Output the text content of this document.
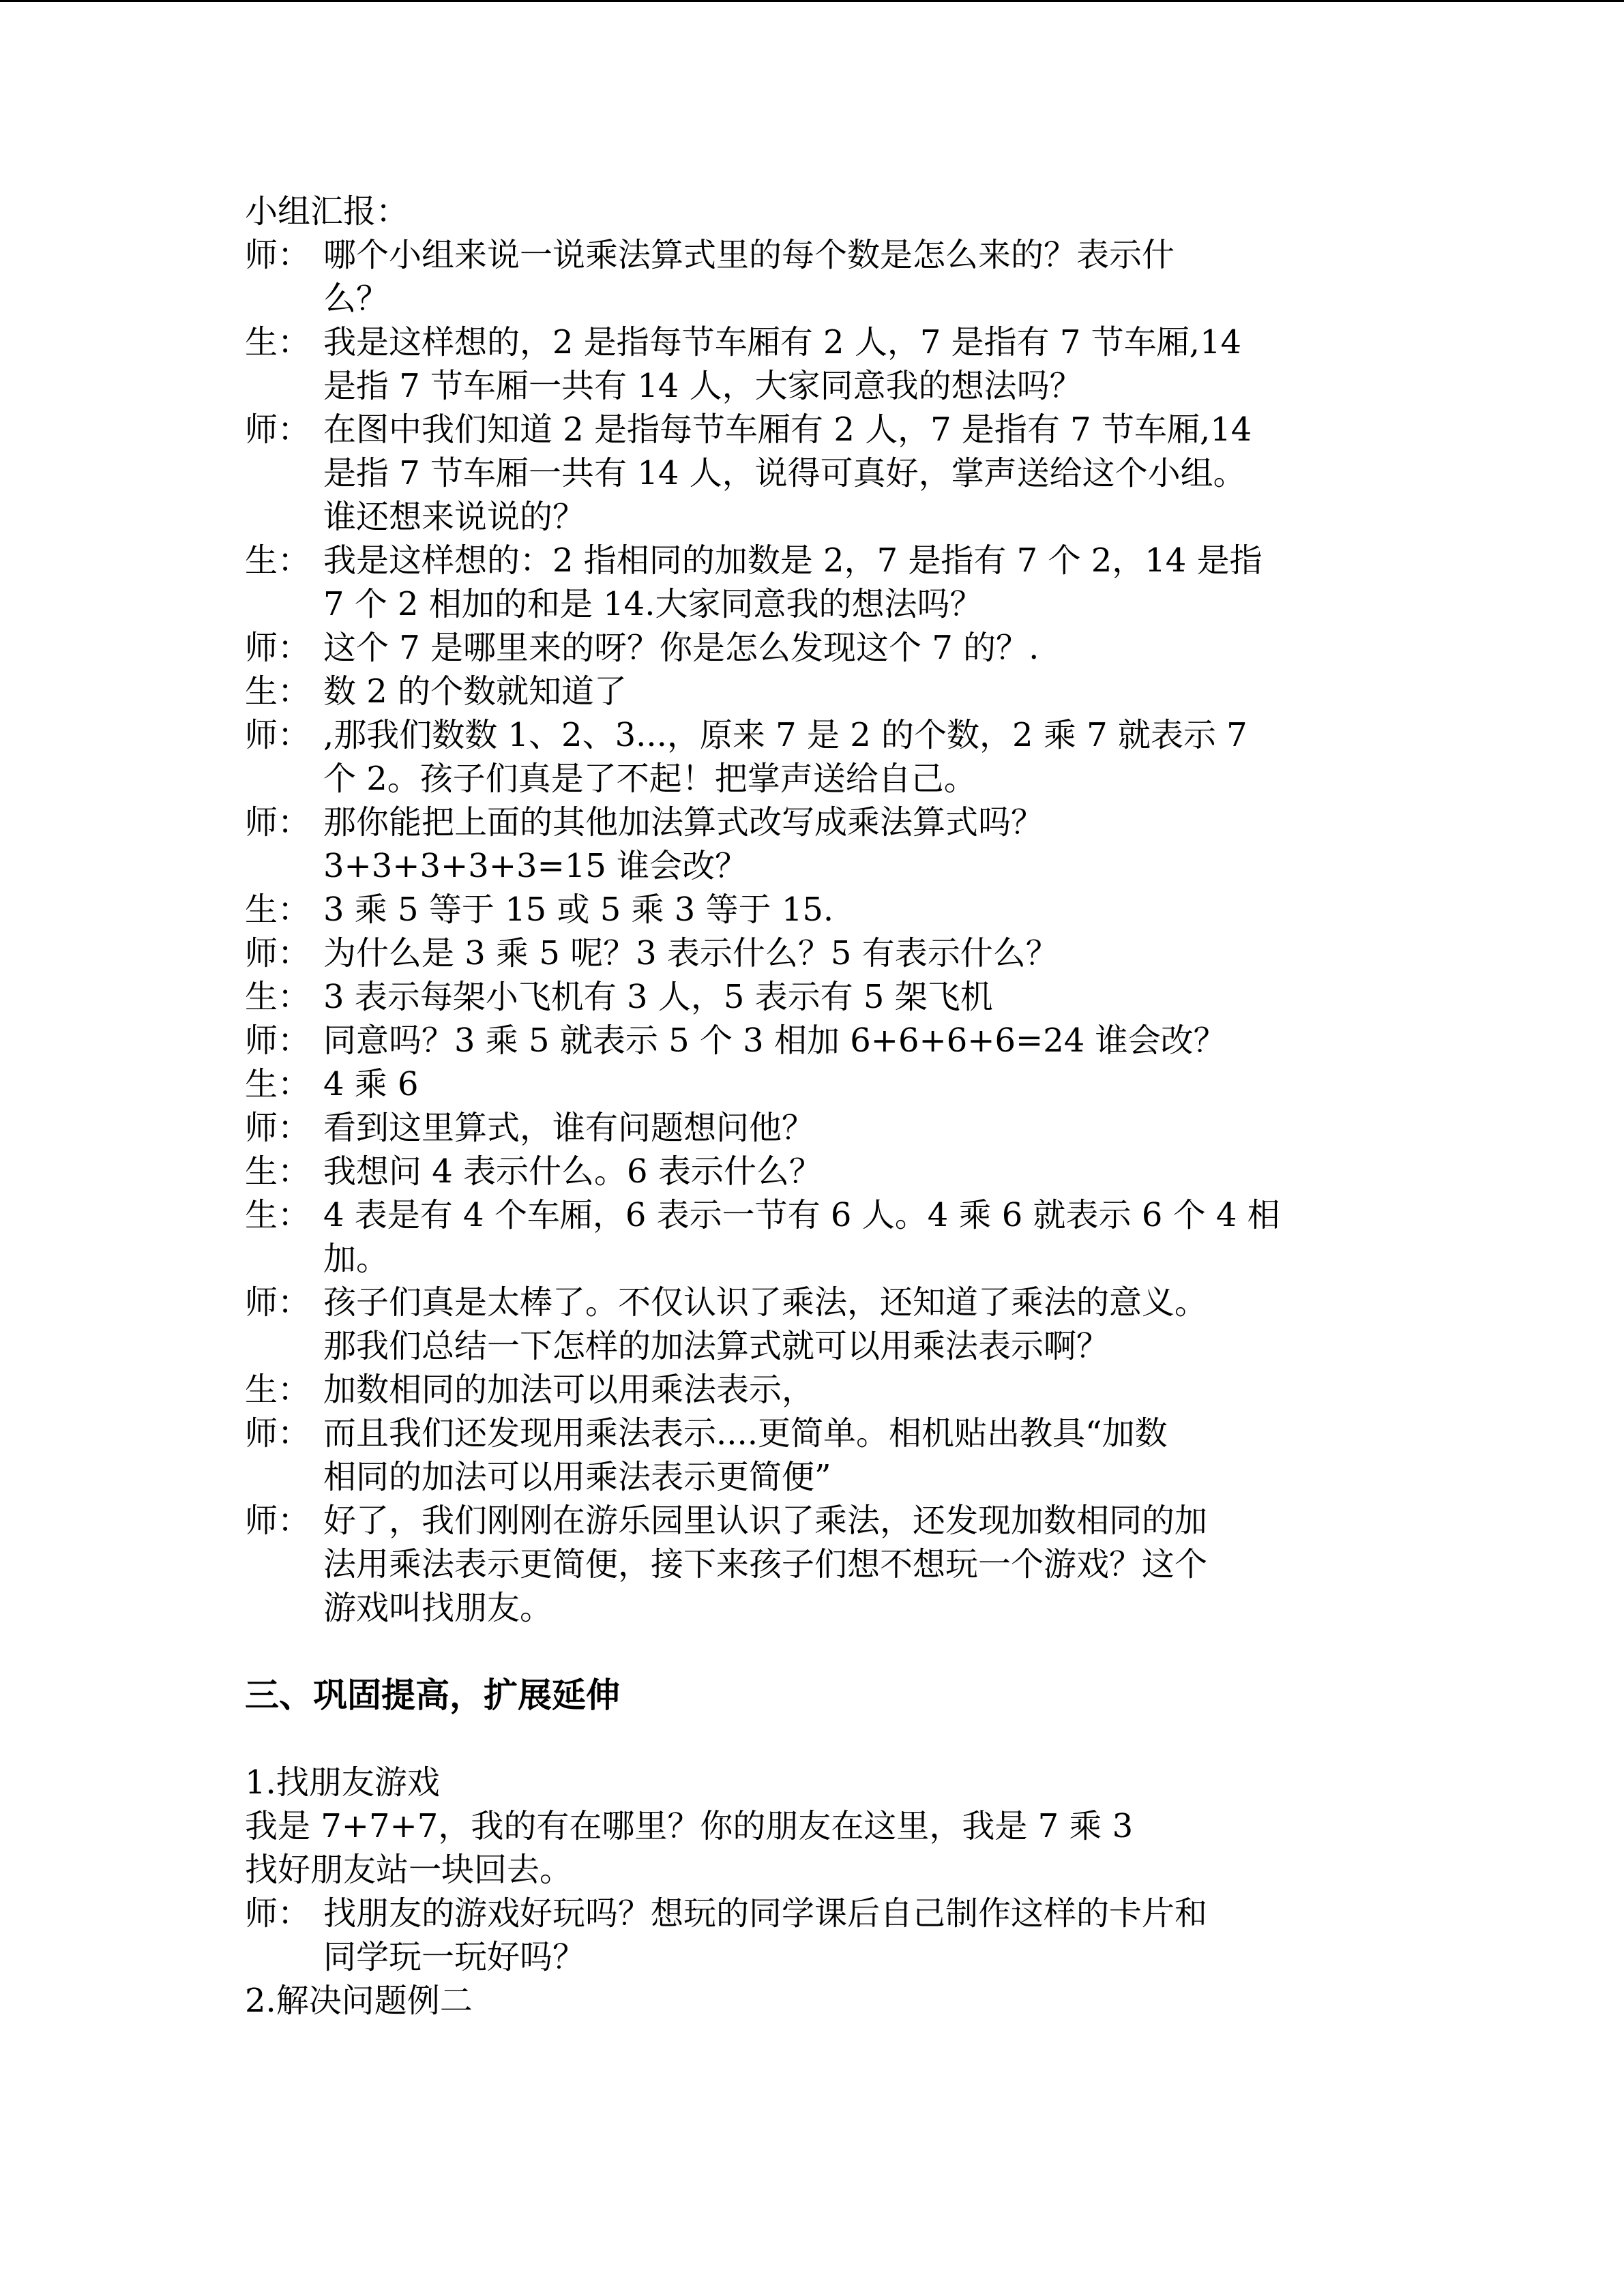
小组汇报：
师： 哪个小组来说一说乘法算式里的每个数是怎么来的？表示什
么？
生： 我是这样想的，2 是指每节车厢有 2 人，7 是指有 7 节车厢,14
是指 7 节车厢一共有 14 人，大家同意我的想法吗？
师： 在图中我们知道 2 是指每节车厢有 2 人，7 是指有 7 节车厢,14
是指 7 节车厢一共有 14 人，说得可真好，掌声送给这个小组。
谁还想来说说的？
生： 我是这样想的：2 指相同的加数是 2，7 是指有 7 个 2，14 是指
7 个 2 相加的和是 14.大家同意我的想法吗？
师： 这个 7 是哪里来的呀？你是怎么发现这个 7 的？.
生： 数 2 的个数就知道了
师： ,那我们数数 1、2、3...，原来 7 是 2 的个数，2 乘 7 就表示 7
个 2。孩子们真是了不起！把掌声送给自己。
师： 那你能把上面的其他加法算式改写成乘法算式吗？
3+3+3+3+3=15 谁会改？
生： 3 乘 5 等于 15 或 5 乘 3 等于 15.
师： 为什么是 3 乘 5 呢？3 表示什么？5 有表示什么？
生： 3 表示每架小飞机有 3 人，5 表示有 5 架飞机
师： 同意吗？3 乘 5 就表示 5 个 3 相加 6+6+6+6=24 谁会改？
生： 4 乘 6
师： 看到这里算式，谁有问题想问他？
生： 我想问 4 表示什么。6 表示什么？
生： 4 表是有 4 个车厢，6 表示一节有 6 人。4 乘 6 就表示 6 个 4 相
加。
师： 孩子们真是太棒了。不仅认识了乘法，还知道了乘法的意义。
那我们总结一下怎样的加法算式就可以用乘法表示啊？
生： 加数相同的加法可以用乘法表示，
师： 而且我们还发现用乘法表示....更简单。相机贴出教具“加数
相同的加法可以用乘法表示更简便”
师： 好了，我们刚刚在游乐园里认识了乘法，还发现加数相同的加
法用乘法表示更简便，接下来孩子们想不想玩一个游戏？这个
游戏叫找朋友。
三、巩固提高，扩展延伸
1.找朋友游戏
我是 7+7+7，我的有在哪里？你的朋友在这里，我是 7 乘 3
找好朋友站一块回去。
师： 找朋友的游戏好玩吗？想玩的同学课后自己制作这样的卡片和
同学玩一玩好吗？
2.解决问题例二
